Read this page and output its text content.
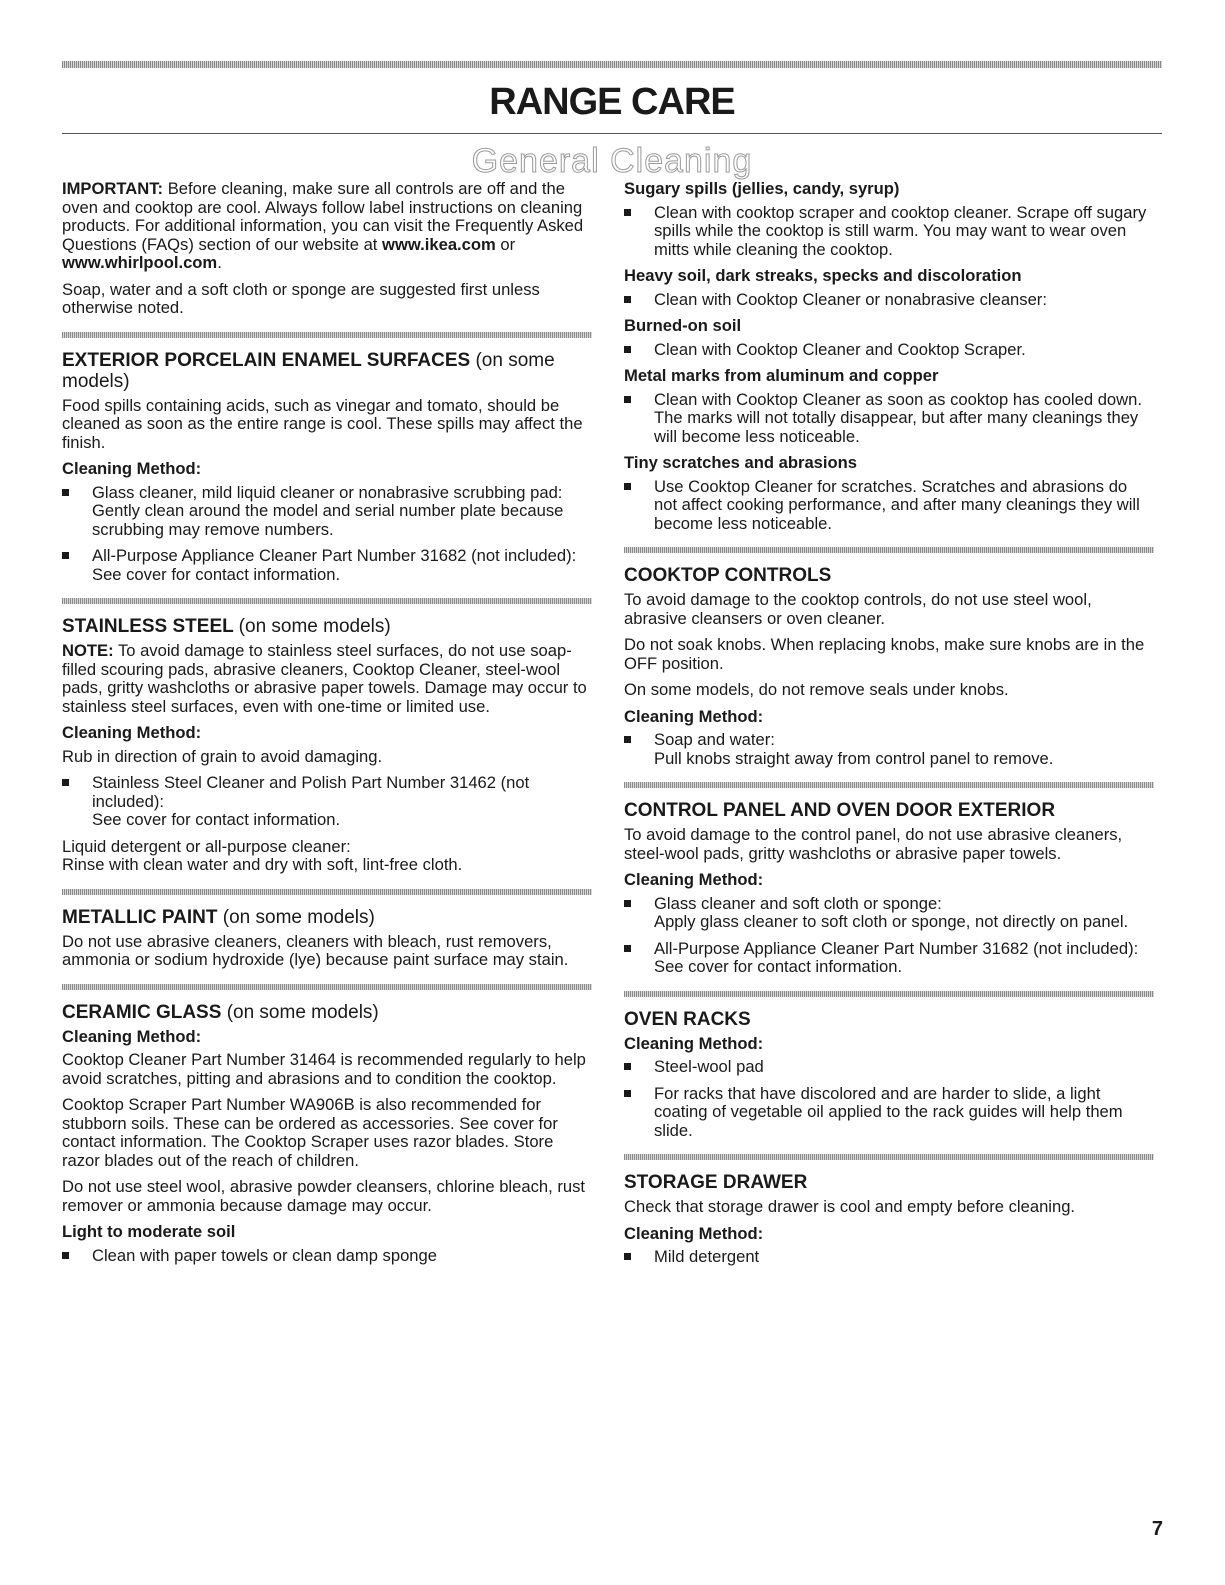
RANGE CARE
General Cleaning

IMPORTANT: Before cleaning, make sure all controls are off and the oven and cooktop are cool. Always follow label instructions on cleaning products. For additional information, you can visit the Frequently Asked Questions (FAQs) section of our website at www.ikea.com or www.whirlpool.com.

Soap, water and a soft cloth or sponge are suggested first unless otherwise noted.

EXTERIOR PORCELAIN ENAMEL SURFACES (on some models)

Food spills containing acids, such as vinegar and tomato, should be cleaned as soon as the entire range is cool. These spills may affect the finish.

Cleaning Method:
Glass cleaner, mild liquid cleaner or nonabrasive scrubbing pad:
Gently clean around the model and serial number plate because scrubbing may remove numbers.
All-Purpose Appliance Cleaner Part Number 31682 (not included):
See cover for contact information.
STAINLESS STEEL (on some models)

NOTE: To avoid damage to stainless steel surfaces, do not use soap-filled scouring pads, abrasive cleaners, Cooktop Cleaner, steel-wool pads, gritty washcloths or abrasive paper towels. Damage may occur to stainless steel surfaces, even with one-time or limited use.

Cleaning Method:

Rub in direction of grain to avoid damaging.

Stainless Steel Cleaner and Polish Part Number 31462 (not included):
See cover for contact information.

Liquid detergent or all-purpose cleaner:
Rinse with clean water and dry with soft, lint-free cloth.

METALLIC PAINT (on some models)

Do not use abrasive cleaners, cleaners with bleach, rust removers, ammonia or sodium hydroxide (lye) because paint surface may stain.

CERAMIC GLASS (on some models)
Cleaning Method:

Cooktop Cleaner Part Number 31464 is recommended regularly to help avoid scratches, pitting and abrasions and to condition the cooktop.

Cooktop Scraper Part Number WA906B is also recommended for stubborn soils. These can be ordered as accessories. See cover for contact information. The Cooktop Scraper uses razor blades. Store razor blades out of the reach of children.

Do not use steel wool, abrasive powder cleansers, chlorine bleach, rust remover or ammonia because damage may occur.

Light to moderate soil
Clean with paper towels or clean damp sponge
Sugary spills (jellies, candy, syrup)
Clean with cooktop scraper and cooktop cleaner. Scrape off sugary spills while the cooktop is still warm. You may want to wear oven mitts while cleaning the cooktop.
Heavy soil, dark streaks, specks and discoloration
Clean with Cooktop Cleaner or nonabrasive cleanser:
Burned-on soil
Clean with Cooktop Cleaner and Cooktop Scraper.
Metal marks from aluminum and copper
Clean with Cooktop Cleaner as soon as cooktop has cooled down. The marks will not totally disappear, but after many cleanings they will become less noticeable.
Tiny scratches and abrasions
Use Cooktop Cleaner for scratches. Scratches and abrasions do not affect cooking performance, and after many cleanings they will become less noticeable.
COOKTOP CONTROLS

To avoid damage to the cooktop controls, do not use steel wool, abrasive cleansers or oven cleaner.

Do not soak knobs. When replacing knobs, make sure knobs are in the OFF position.

On some models, do not remove seals under knobs.

Cleaning Method:
Soap and water:
Pull knobs straight away from control panel to remove.
CONTROL PANEL AND OVEN DOOR EXTERIOR

To avoid damage to the control panel, do not use abrasive cleaners, steel-wool pads, gritty washcloths or abrasive paper towels.

Cleaning Method:
Glass cleaner and soft cloth or sponge:
Apply glass cleaner to soft cloth or sponge, not directly on panel.
All-Purpose Appliance Cleaner Part Number 31682 (not included):
See cover for contact information.
OVEN RACKS
Cleaning Method:
Steel-wool pad
For racks that have discolored and are harder to slide, a light coating of vegetable oil applied to the rack guides will help them slide.
STORAGE DRAWER

Check that storage drawer is cool and empty before cleaning.

Cleaning Method:
Mild detergent
7
